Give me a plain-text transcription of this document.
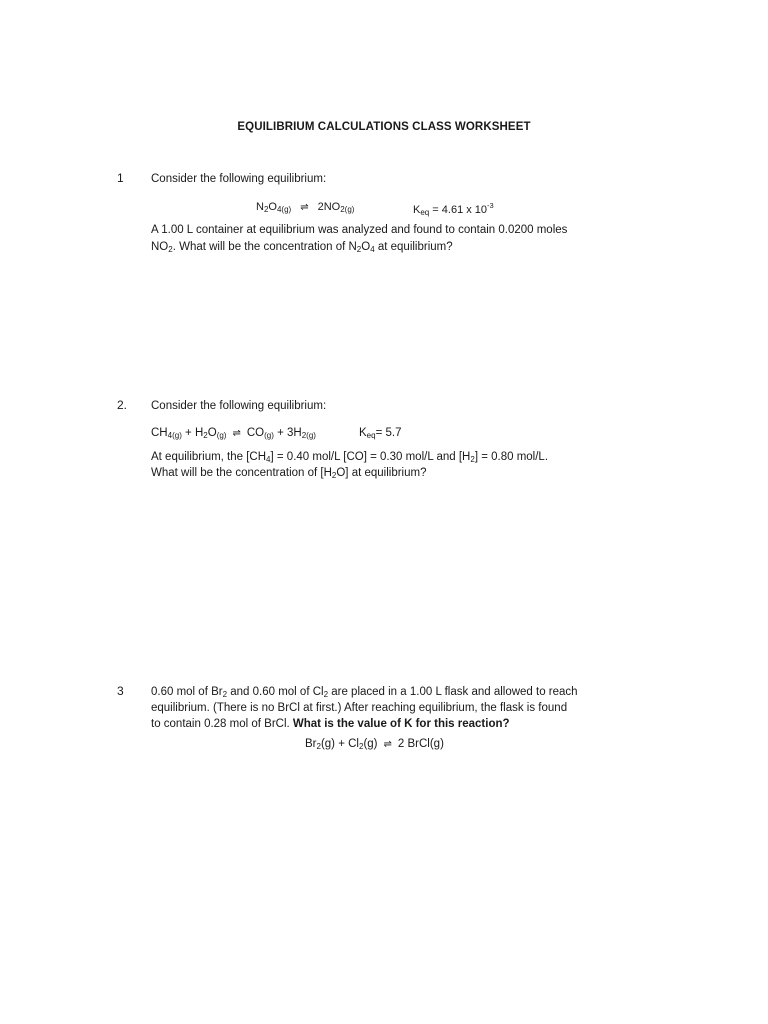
EQUILIBRIUM CALCULATIONS CLASS WORKSHEET
1 Consider the following equilibrium:
$N_2O_{4(g)}$ ⇌ $2NO_{2(g)}$	$K_{eq} = 4.61$ x $10^{-3}$
A 1.00 L container at equilibrium was analyzed and found to contain 0.0200 moles
$NO_2$. What will be the concentration of $N_2O_4$ at equilibrium?
2. Consider the following equilibrium:
$CH_{4(g)} + H_2O_{(g)}$ ⇌ $CO_{(g)} + 3H_{2(g)}$	$K_{eq}= 5.7$
At equilibrium, the $[CH_4] = 0.40$ mol/L [CO] = 0.30 mol/L and $[H_2] = 0.80$ mol/L.
What will be the concentration of $[H_2O]$ at equilibrium?
3 0.60 mol of $Br_2$ and 0.60 mol of $Cl_2$ are placed in a 1.00 L flask and allowed to reach
equilibrium. (There is no BrCl at first.) After reaching equilibrium, the flask is found
to contain 0.28 mol of BrCl. What is the value of K for this reaction?
$Br_2(g) + Cl_2(g)$ ⇌ 2 BrCl(g)
